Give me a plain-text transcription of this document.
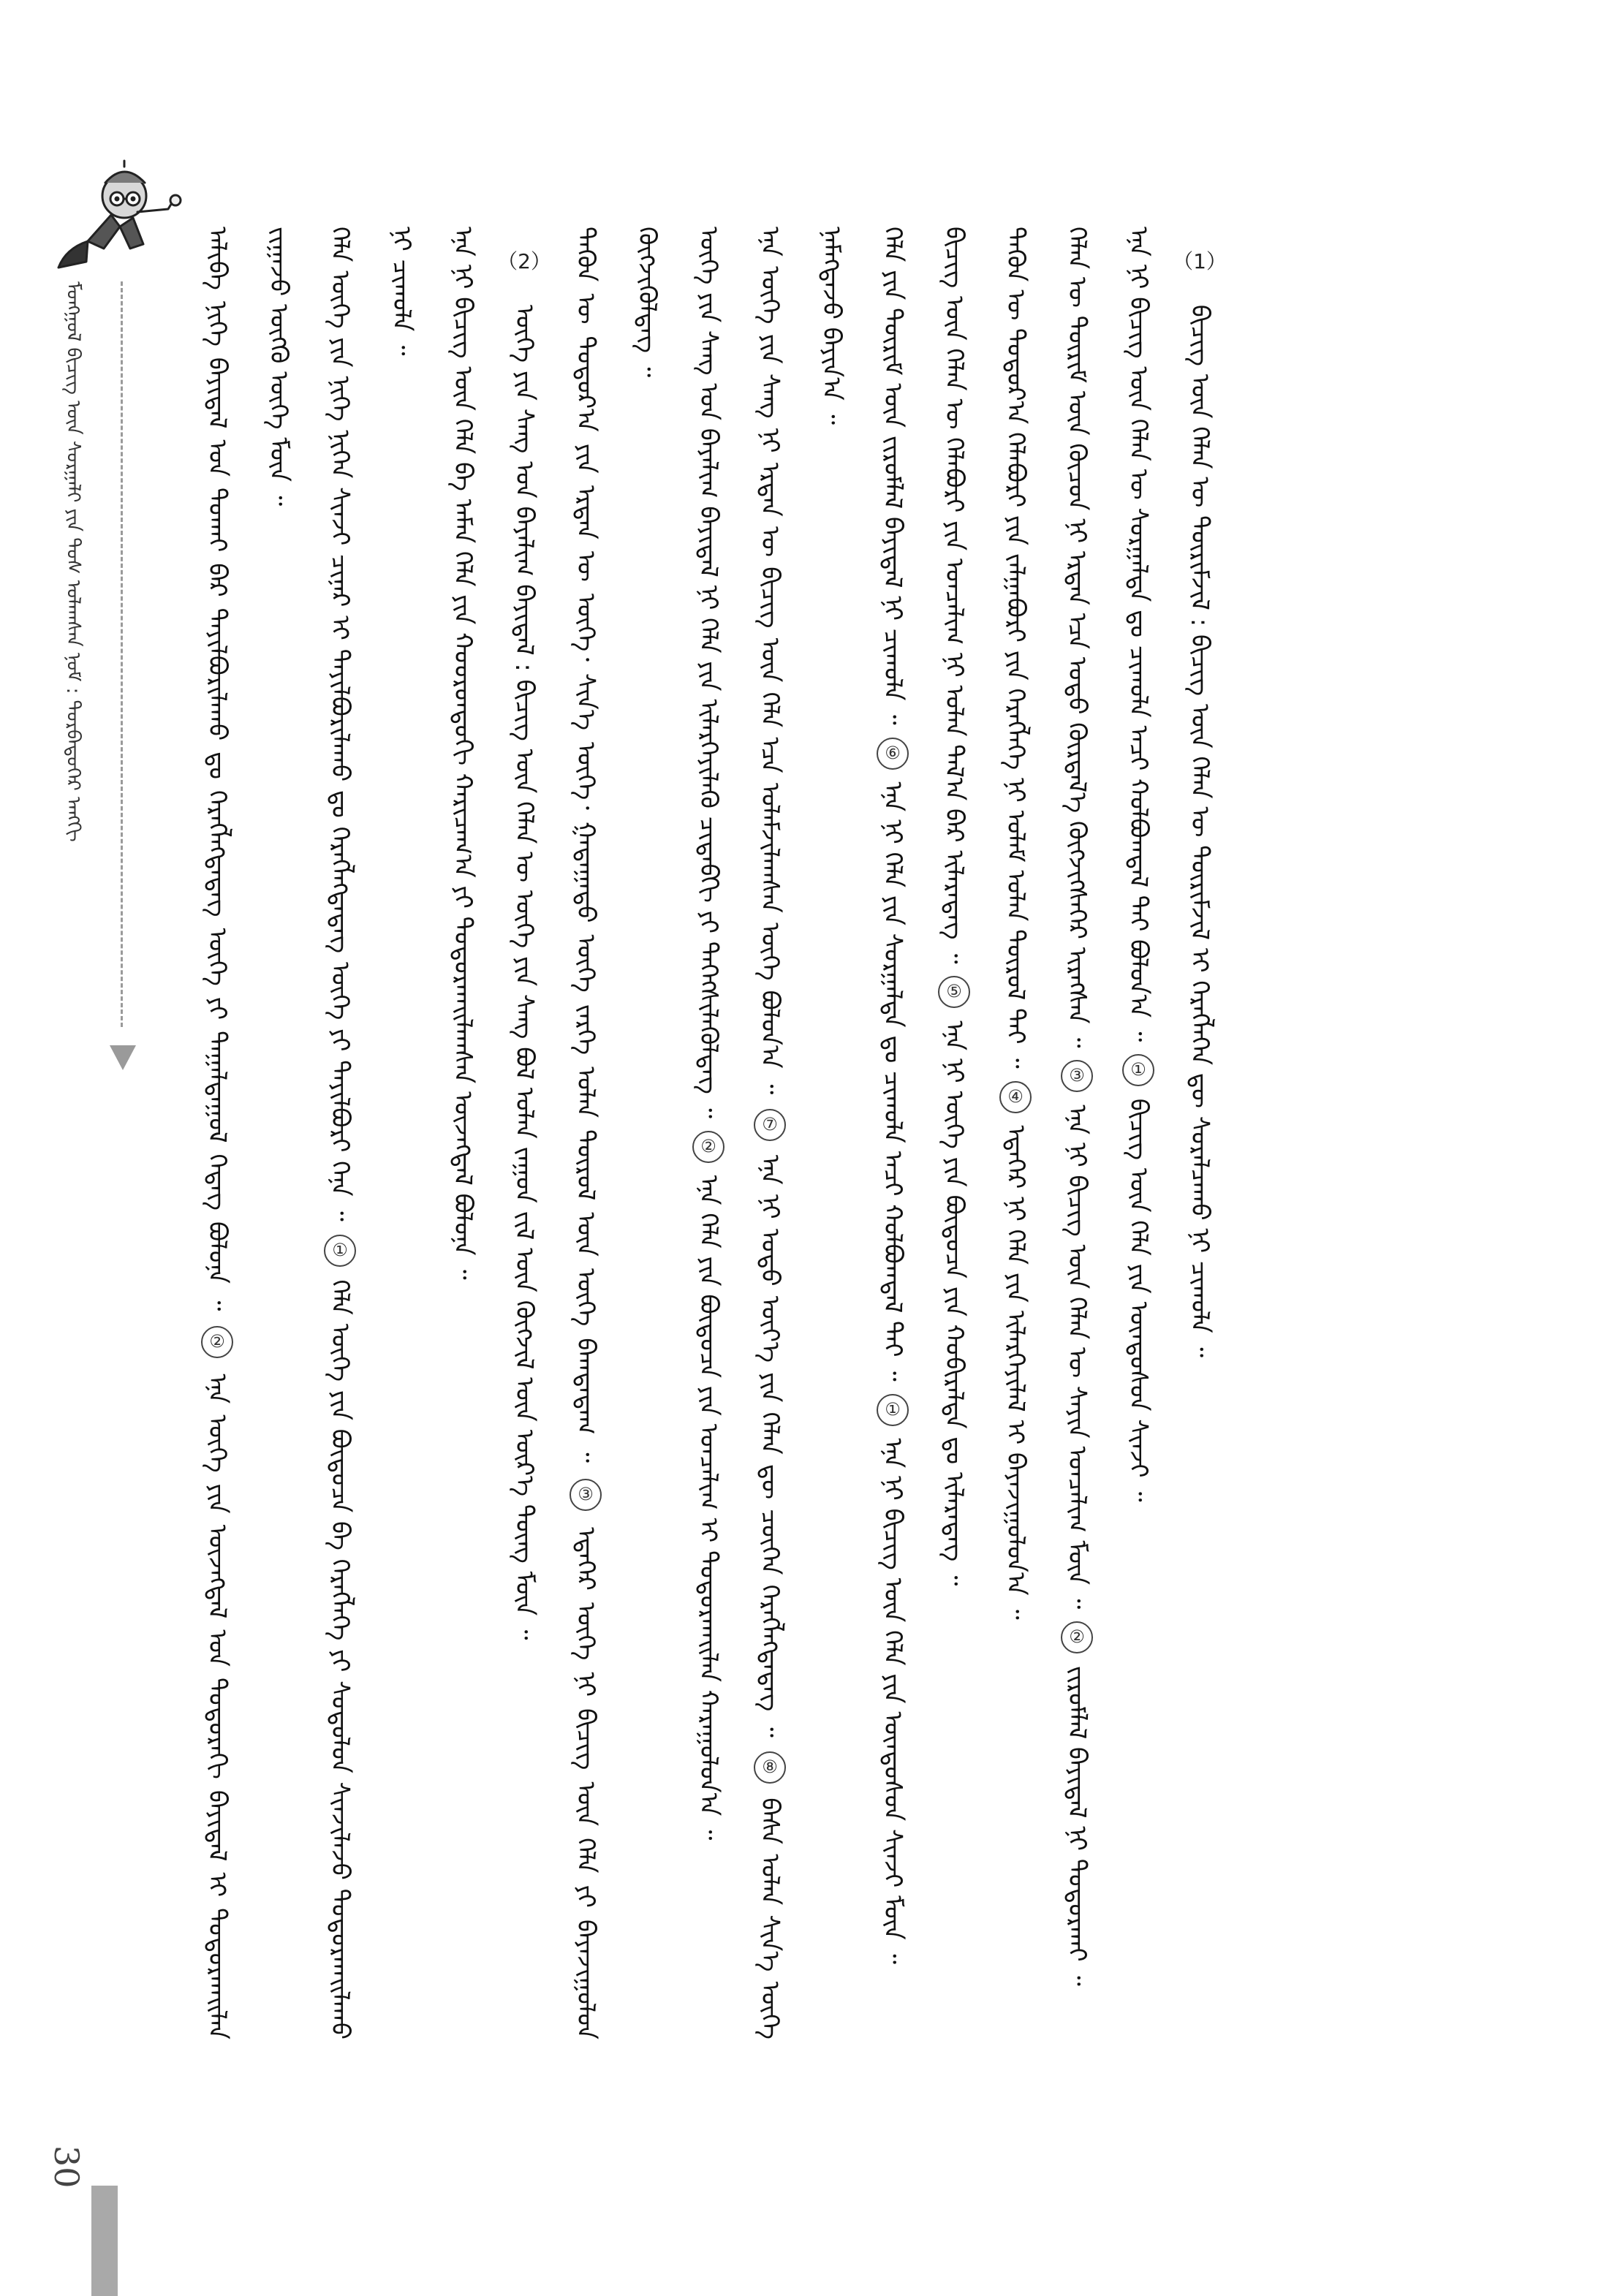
ᠮᠣᠩᠭᠣᠯ ᠪᠢᠴᠢᠭ ᠦᠨ ᠰᠤᠷᠭᠠᠯᠢ ᠶᠢᠨ ᠲᠤᠰ ᠣᠯᠠᠭᠰᠠᠨ ᠨᠣᠮ : ᠳᠤᠷᠪᠡᠳᠦᠭᠡᠷ ᠠᠩᠭᠢ	ᠠᠯᠢᠪᠠ ᠨᠢᠭᠡ ᠪᠠᠶᠢᠳᠠᠯ ᠤᠨ ᠲᠤᠬᠠᠢ ᠪᠠᠷ ᠲᠠᠶᠢᠯᠪᠤᠷᠢᠯᠠᠬᠤ ᠳᠤ ᠬᠡᠷᠡᠭᠯᠡᠭᠳᠡᠳᠡᠭ ᠦᠭᠡ ᠶᠢ ᠳᠠᠭᠠᠯᠳᠠᠭᠤᠯ ᠭᠡᠳᠡᠭ ᠪᠣᠯᠤᠨᠠ ᠃ ② ᠡᠨᠡ ᠦᠭᠡ ᠶᠢᠨ ᠦᠵᠡᠭᠳᠡᠯ ᠤᠨ ᠳᠣᠲᠣᠷᠠᠬᠢ ᠪᠠᠶᠢᠳᠠᠯ ᠢ ᠲᠣᠳᠣᠷᠬᠠᠢᠯᠠᠨ ᠵᠢᠭᠠᠵᠤ ᠦᠭᠬᠦ ᠦᠭᠡ ᠮᠥᠨ ᠃	ᠬᠡᠯᠡ ᠦᠭᠡ ᠶᠢᠨ ᠨᠢᠭᠡ ᠨᠢᠭᠡᠨ ᠰᠢᠨᠵᠢ ᠴᠢᠨᠠᠷ ᠢ ᠲᠠᠶᠢᠯᠪᠤᠷᠢᠯᠠᠬᠤ ᠳᠤ ᠬᠡᠷᠡᠭᠯᠡᠭᠳᠡᠳᠡᠭ ᠦᠭᠡ ᠶᠢ ᠲᠠᠶᠢᠯᠪᠤᠷᠢ ᠭᠡᠨᠡ ᠃ ① ᠬᠡᠯᠡ ᠦᠭᠡ ᠶᠢᠨ ᠪᠦᠲᠦᠴᠡ ᠪᠠ ᠬᠡᠷᠡᠭᠯᠡᠭᠡ ᠶᠢ ᠰᠤᠳᠤᠯᠤᠨ ᠰᠢᠨᠵᠢᠯᠡᠵᠦ ᠲᠣᠳᠣᠷᠬᠠᠢᠯᠠᠬᠤ ᠨᠢ ᠴᠢᠬᠤᠯᠠ ᠃	ᠡᠨᠡ ᠨᠢ ᠪᠢᠴᠢᠭ ᠦᠨ ᠬᠡᠯᠡ ᠪᠠ ᠠᠮᠠᠨ ᠬᠡᠯᠡ ᠶᠢᠨ ᠬᠣᠣᠷᠣᠨᠳᠤᠬᠢ ᠬᠠᠷᠢᠴᠠᠭ᠎ᠠ ᠶᠢ ᠲᠣᠳᠣᠷᠬᠠᠢᠯᠠᠭᠰᠠᠨ ᠦᠵᠡᠭᠳᠡᠯ ᠪᠣᠯᠤᠨᠠ ᠃ （2） ᠦᠭᠡ ᠶᠢᠨ ᠰᠠᠩ ᠤᠨ ᠪᠠᠶᠠᠯᠢᠭ ᠪᠠᠶᠢᠳᠠᠯ : ᠪᠢᠴᠢᠭ ᠦᠨ ᠬᠡᠯᠡᠨ ᠦ ᠦᠭᠡ ᠶᠢᠨ ᠰᠠᠩ ᠪᠣᠯ ᠣᠯᠠᠨ ᠵᠠᠭᠤᠨ ᠵᠢᠯ ᠦᠨ ᠬᠥᠭᠵᠢᠯ ᠦᠨ ᠦᠷ᠎ᠡ ᠳᠦᠩ ᠮᠥᠨ ᠃	ᠲᠡᠭᠦᠨ ᠦ ᠳᠣᠲᠣᠷ᠎ᠠ ᠶᠢᠨ ᠡᠷᠲᠡᠨ ᠦ ᠦᠭᠡ᠂ ᠰᠢᠨ᠎ᠡ ᠦᠭᠡ᠂ ᠭᠠᠳᠠᠭᠠᠳᠤ ᠦᠭᠡ ᠵᠡᠷᠭᠡ ᠣᠯᠠᠨ ᠲᠥᠷᠥᠯ ᠦᠨ ᠦᠭᠡ ᠪᠠᠭᠲᠠᠳᠠᠭ ᠃ ③ ᠡᠳᠡᠭᠡᠷ ᠦᠭᠡ ᠨᠢ ᠪᠢᠴᠢᠭ ᠦᠨ ᠬᠡᠯᠡ ᠶᠢ ᠪᠠᠶᠠᠵᠢᠭᠤᠯᠤᠨ ᠬᠥᠭᠵᠢᠭᠦᠯᠳᠡᠭ ᠃	ᠦᠭᠡ ᠶᠢᠨ ᠰᠠᠩ ᠤᠨ ᠪᠠᠶᠠᠯᠢᠭ ᠪᠠᠶᠢᠳᠠᠯ ᠨᠢ ᠬᠡᠯᠡ ᠶᠢᠨ ᠢᠯᠡᠷᠬᠡᠶᠢᠯᠡᠬᠦ ᠴᠢᠳᠠᠪᠬᠢ ᠶᠢ ᠳᠡᠭᠡᠭᠰᠢᠯᠡᠭᠦᠯᠳᠡᠭ ᠃ ② ᠡᠨᠡ ᠬᠡᠯᠡ ᠶᠢᠨ ᠪᠦᠲᠦᠴᠡ ᠶᠢᠨ ᠣᠨᠴᠠᠯᠢᠭ ᠢ ᠲᠣᠳᠣᠷᠬᠠᠢᠯᠠᠨ ᠬᠠᠷᠠᠭᠤᠯᠤᠨ᠎ᠠ ᠃

ᠡᠨᠡ ᠦᠭᠡ ᠶᠢᠨ ᠰᠠᠩ ᠨᠢ ᠡᠷᠲᠡᠨ ᠦ ᠪᠢᠴᠢᠭ ᠦᠨ ᠬᠡᠯᠡ ᠡᠴᠡ ᠤᠯᠠᠮᠵᠢᠯᠠᠭᠰᠠᠨ ᠦᠭᠡ ᠪᠣᠯᠤᠨ᠎ᠠ ᠃ ⑦ ᠡᠨᠡ ᠨᠢ ᠣᠳᠣ ᠦᠶ᠎ᠡ ᠶᠢᠨ ᠬᠡᠯᠡᠨ ᠳᠦ ᠴᠥᠭᠡᠨ ᠬᠡᠷᠡᠭᠯᠡᠭᠳᠡᠳᠡᠭ ᠃ ⑧ ᠪᠠᠰᠠ ᠣᠯᠠᠨ ᠰᠢᠨ᠎ᠡ ᠦᠭᠡ ᠨᠡᠮᠡᠭᠳᠡᠵᠦ ᠪᠠᠶᠢᠨ᠎ᠠ ᠃	ᠬᠡᠯᠡ ᠶᠢᠨ ᠳᠦᠷᠢᠮ ᠦᠨ ᠵᠢᠷᠤᠮᠯᠠᠯ ᠪᠠᠶᠢᠳᠠᠯ ᠨᠢ ᠴᠢᠬᠤᠯᠠ ᠃ ⑥ ᠡᠨᠡ ᠨᠢ ᠬᠡᠯᠡ ᠶᠢᠨ ᠰᠤᠷᠭᠠᠯᠲᠠ ᠳᠤ ᠴᠢᠬᠤᠯᠠ ᠠᠴᠢ ᠬᠣᠯᠪᠣᠭᠳᠠᠯ ᠲᠠᠶ ᠃ ① ᠡᠨᠡ ᠨᠢ ᠪᠢᠴᠢᠭ ᠦᠨ ᠬᠡᠯᠡ ᠶᠢᠨ ᠦᠨᠳᠦᠰᠦᠨ ᠰᠢᠨᠵᠢ ᠮᠥᠨ ᠃

ᠪᠢᠴᠢᠭ ᠦᠨ ᠬᠡᠯᠡᠨ ᠦ ᠬᠡᠯᠡᠪᠦᠷᠢ ᠶᠢᠨ ᠣᠨᠴᠠᠯᠢᠭ ᠨᠢ ᠣᠯᠠᠨ ᠲᠠᠯ᠎ᠠ ᠪᠠᠷ ᠢᠯᠡᠷᠡᠳᠡᠭ ᠃ ⑤ ᠡᠨᠡ ᠨᠢ ᠦᠭᠡ ᠶᠢᠨ ᠪᠦᠲᠦᠴᠡ ᠶᠢᠨ ᠬᠤᠪᠢᠷᠠᠯᠲᠠ ᠳᠤ ᠢᠯᠡᠷᠡᠳᠡᠭ ᠃

ᠲᠡᠭᠦᠨ ᠦ ᠳᠣᠲᠣᠷ᠎ᠠ ᠬᠡᠯᠡᠪᠦᠷᠢ ᠶᠢᠨ ᠵᠠᠯᠭᠠᠪᠤᠷᠢ ᠶᠢᠨ ᠬᠡᠷᠡᠭᠯᠡᠭᠡ ᠨᠢ ᠤᠯᠠᠮ ᠣᠯᠠᠨ ᠲᠥᠷᠥᠯ ᠲᠡᠢ ᠃ ④ ᠡᠳᠡᠭᠡᠷ ᠨᠢ ᠬᠡᠯᠡ ᠶᠢᠨ ᠢᠯᠡᠷᠬᠡᠶᠢᠯᠡᠯ ᠢ ᠪᠠᠶᠠᠵᠢᠭᠤᠯᠤᠨ᠎ᠠ ᠃

ᠬᠡᠯᠡᠨ ᠦ ᠳᠦᠷᠢᠮ ᠦᠨ ᠬᠦᠴᠦᠨ ᠨᠢ ᠡᠷᠲᠡᠨ ᠡᠴᠡ ᠣᠳᠣ ᠬᠦᠷᠲᠡᠯ᠎ᠡ ᠬᠥᠭᠵᠢᠭᠰᠡᠭᠡᠷ ᠢᠷᠡᠭᠰᠡᠨ ᠃ ③ ᠡᠨᠡ ᠨᠢ ᠪᠢᠴᠢᠭ ᠦᠨ ᠬᠡᠯᠡᠨ ᠦ ᠰᠠᠶᠢᠨ ᠣᠨᠴᠠᠯᠢᠭ ᠮᠥᠨ ᠃ ② ᠵᠢᠷᠤᠮᠯᠠᠯ ᠪᠠᠶᠢᠳᠠᠯ ᠨᠢ ᠲᠣᠳᠣᠷᠬᠠᠢ ᠃

ᠡᠨᠡ ᠨᠢ ᠪᠢᠴᠢᠭ ᠦᠨ ᠬᠡᠯᠡᠨ ᠦ ᠰᠤᠷᠭᠠᠯᠲᠠ ᠳᠤ ᠴᠢᠬᠤᠯᠠ ᠠᠴᠢ ᠬᠣᠯᠪᠣᠭᠳᠠᠯ ᠲᠠᠶ ᠪᠣᠯᠤᠨ᠎ᠠ ᠃ ① ᠪᠢᠴᠢᠭ ᠦᠨ ᠬᠡᠯᠡ ᠶᠢᠨ ᠦᠨᠳᠦᠰᠦᠨ ᠰᠢᠨᠵᠢ ᠃

（1） ᠪᠢᠴᠢᠭ ᠦᠨ ᠬᠡᠯᠡᠨ ᠦ ᠳᠦᠷᠢᠮᠵᠢᠯ : ᠪᠢᠴᠢᠭ ᠦᠨ ᠬᠡᠯᠡᠨ ᠦ ᠳᠦᠷᠢᠮᠵᠢᠯ ᠢ ᠬᠡᠷᠡᠭᠯᠡᠭᠡᠨ ᠳᠦ ᠰᠤᠷᠠᠯᠴᠠᠬᠤ ᠨᠢ ᠴᠢᠬᠤᠯᠠ ᠃

30
